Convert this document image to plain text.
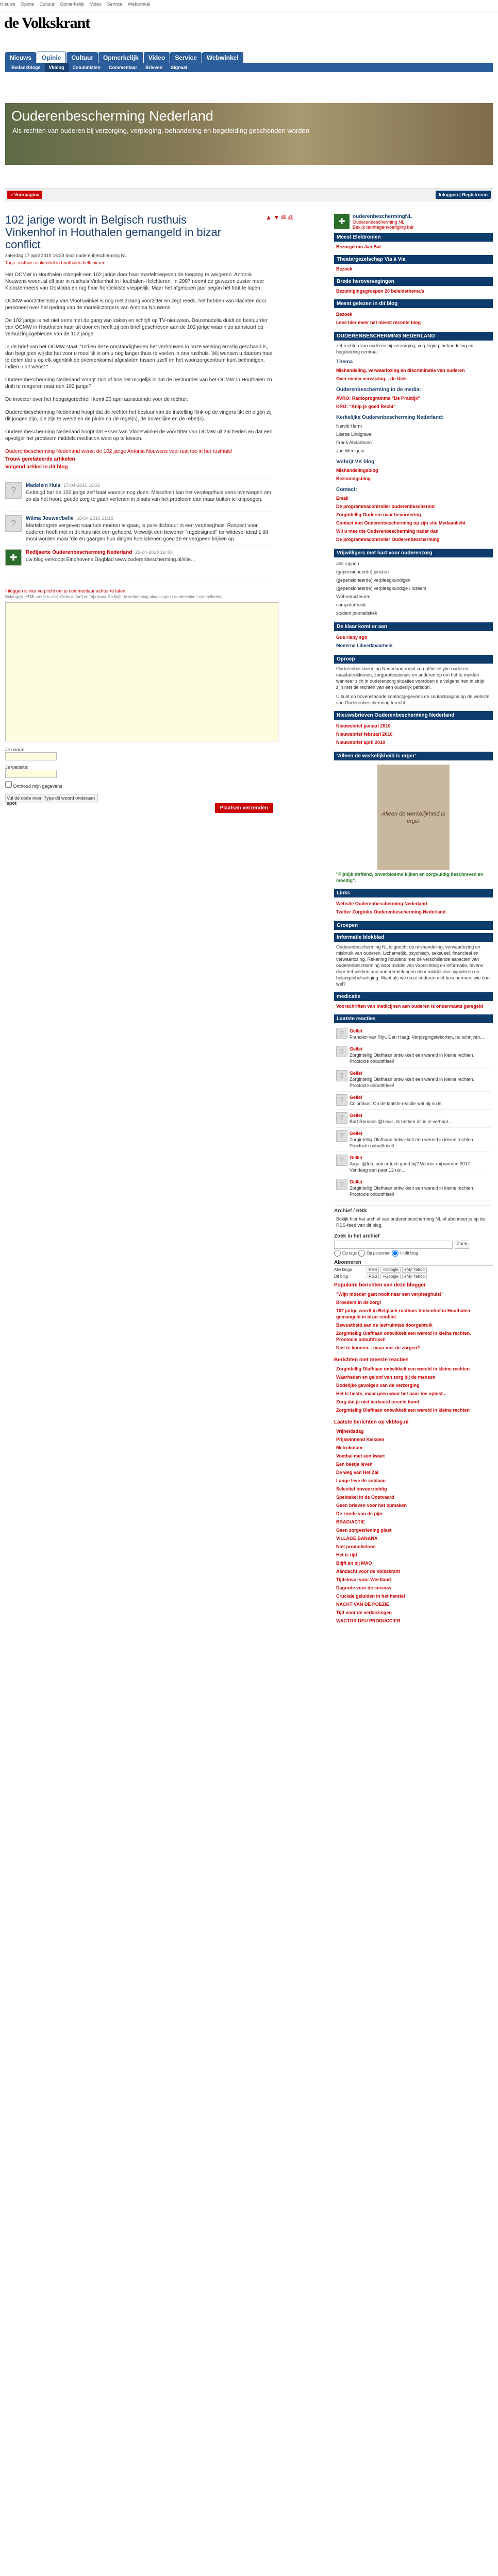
Nieuws Opinie Cultuur Opmerkelijk Video Service Webwinkel
de Volkskrant
Nieuws Opinie Cultuur Opmerkelijk Video Service Webwinkel
Bedankblogs Vkblog Columnisten Commentaar Brieven Signaal
Ouderenbescherming Nederland
Als rechten van ouderen bij verzorging, verpleging, behandeling en begeleiding geschonden worden
« Voorpagina	Inloggen | Registreren
▲ ▼ ✉ ⎙
102 jarige wordt in Belgisch rusthuis Vinkenhof in Houthalen gemangeld in bizar conflict
zaterdag 17 april 2010 16:33 door ouderenbescherming NL
Tags: rusthuis vinkenhof in houthalen beltchieren

Het OCMW in Houthalen mangelt een 102 jarige door haar marteltoegeven de toegang te weigeren. Antonia Nouwens woont al elf jaar in rusthuis Vinkenhof in Houthalen-Helchteren. In 2007 neemt de gewezen zuster meer Kloostermeers van Oostlaba en rug haar frontiekliste vreppelijk. Maar het afgelopen jaar begon het fout te lopen.

OCMW-voorzitter Eddy Van Vlootswinkel is nog met zolang voorzitter en zegt reeds, het hebben van klachten door personeel over het gedrag van de marteliczorgers van Antonia Nouwens.

De 102 jarige is het niet eens met de gang van zaken en schrijft op TV-nieuwsen. Dousmadelia duidt de bestuurder van OCMW in Houthalen haar uit door en heeft zij een brief geschreven aan de 102 jarige waarin zo aanstuurt op verhuizingsgebieden van de 102 jarige.

In de brief van het OCMW staat: "Indien deze omstandigheden het verhouwen in onze werking ernstig geschaad is, dan begrijpen wij dat het voor u moeilijk is om u nog langer thuis te voelen in ons rusthuis. Wij wensen u daarom mee te delen dat u op elk ogenblik de overeenkomst afgesloten tussen uzelf en het woonzorgcentrum kunt beëindigen, indien u dit wenst."

Ouderenbescherming Nederland vraagt zich af hoe het mogelijk is dat de bestuurder van het OCMW in Houthalen zo duift te reageren naar een 102 jarige?

De invecter over het hoogstgerechtelil komt 20 april aanstaande voor de rechter.

Ouderenbescherming Nederland hoopt dat de rechter het besluur van de instelling flink op de vingers tikt en eigen zij dit jongen zijn, die zijn te weerzien de pluim na de regel(s), de bovenlijke en de rebel(s).

Ouderenbescherming Nederland hoopt dat Esser Van Vlootswinkel de voorzitter van OCMW uit zal treden en dat een opvolger het probleem middels mediation weet op te lossen.

Ouderenbescherming Nederland wenst de 102 jarige Antonia Nouwens veel rust toe in het rusthuis!

Trouw gerelateerde artikelen

Volgend artikel in dit blog

?	Madelein Huls 17-04-2010 16:36
Gebalgd bar de 102 jarige zelf baat voorzijn nog doen. Misschien kan het verplegdhuis eens overwegen om, zo als het hoort, goede zorg te gaan verlenen in plaats van het probleem dan maar buiten te knipoogen.
?	Wilma Jouwer/belle 18-04-2010 21:15
Martelzorgers vergeven naar tuin moeten te gaan, is pure dictatuur in een verpleeghuis! Respect voor ouderen heeft met in dit huis niet een gehoord. Viewdijk een bewoner "rugdesigned" ter wildesel ideal 1 dit mooi worden maar 'die en gaargen hun dingen hoe lakenen goed ze er vergpeen krijken op.
✚	Redljaerte Ouderenbescherming Nederland 29-04-2010 16:48
uw blog verkoopt Eindhovens Dagblad www.ouderenbescherming.nl/site...
Inloggen is niet verplicht om je commentaar achter te laten.
Belangrijk HTML-code is niet. Gebruik [url] en [b] nieuw. Zo blijft de verkenning plaatsingen / aanbevolen / controlkering
Je naam:
Je website:
Onthoud mijn gegevens
Vul de code over: Type dit woord onderaan spot
Plaatsen verzenden
✚
ouderenbeschermingNL
Ouderenbescherming NL
Bekijk tenhtegenvoeriging bar
Meest Elektronien
Bezorgd om Jan Bal
Theatergezelschap Via à Via
Bezoek
Brede herovervegingen
Bezuinigingsgroepen 20 beleidsthema's
Meest gelezen in dit blog
Bezoek
Lees hier meer het meest recente blog
OUDERENBESCHERMING NEDERLAND
zet rechten van ouderen bij verzorging, verpleging, behandeling en begeleiding centraal.
Thema
Mishandeling, verwaarlozing en discriminatie van ouderen
Over media verwijzing... de Ulek
Ouderenbescherming in de media:
AVRO: Radioprogramma "De Praktijk"
KRO: "Knip je goed Recht"
Kerkelijke Ouderenbescherming Nederland:
Nerviti Harm
Lisette Lindgravel
Frank Abdarbunn
Jan Werligem
Volbrijt VK blog
Mishandelingsblog
Bezinningsblog
Contact:
Email
De programmacontroller ouderenbeschermd
Zorgintellig Ouderen naar bevordering
Contact met Ouderenbescherming op zijn site Medaanlicht
Wil u mee die Ouderenbescherming nader dan
De programmacontroller Ouderenbescherming
Vrijwilligers met hart voor ouderenzorg
alle rappen
(gepensioneerde) juristen
(gepensioneerde) verpleegkundigen
(gepensioneerde) verpleegkundige / lossers
Webredacteuren
computerfreak
student journalistiek
De klaar komt er aan
Gus Hany ego
Moderne Libeerkbaarheid
Oproep
Ouderenbescherming Nederland roept zorgaffiniteitiyke ouderen, naasbetrokkenen, zorgprofessionals en anderen op om het te melden wanneer zich in ouderenzorg situaties voordoen die volgens hen in strijd zijn met de rechten van een ouderlijk persoon.
U kunt op bovenstaande contactgegevens de contactpagina op de website van Ouderenbescherming terecht.
Nieuwsbrieven Ouderenbescherming Nederland
Nieuwsbrief januari 2010
Nieuwsbrief februari 2010
Nieuwsbrief april 2010
'Alleen de werkelijkheid is erger'
Alleen de werkelijkheid is erger
"Pijnlijk treffend, onverbloemd kijken en zorgvuldig beschreven en moedig".
Links
Website Ouderenbescherming Nederland
Twitter Zorgtoko Ouderenbescherming Nederland
Groepen
Informatie blokblad
Ouderenbescherming NL is gericht op mishandeling, verwaarlozing en misbruik van ouderen. Lichamelijk, psychisch, seksueel, financieel en verwaarlozing. Rekening houdend met de verschillende aspecten van ouderenbescherming door middel van voorlichting en informatie, tevens door het werken aan ouderenbelangen door middel van signaleren en belangenbehartiging. Want als we onze ouderen niet beschermen, wie dan wel?
medicatie
Voorschriften van medicijnen aan ouderen is ondermaats geregeld
Laatste reacties
?	Gellei
Francien van Rijn, Den Haag: Verplegingstekorten, nu schrijven...
?	Gellei
Zorgintellig Olafhaan ontwikkelt een wereld in kleine rechten. Proctocle onbuttfrisei!
?	Gellei
Zorgintellig Olafhaan ontwikkelt een wereld in kleine rechten. Proctocle onbuttfrisei!
?	Gellei
Columbus: On de laatste reactie wat hij nu is.
?	Gellei
Bart Romans @Louis, Ik herken dit in je verhaal...
?	Gellei
Zorgintellig Olafhaan ontwikkelt een wereld in kleine rechten. Proctocle onbuttfrisei!
?	Gellei
Arge: @Iob, ook er toch goed bij? Wieder mij worden 2017. Vandaag een paar 12 uur...
?	Gellei
Zorgintellig Olafhaan ontwikkelt een wereld in kleine rechten. Proctocle onbuttfrisei!
Archief / RSS
Bekijk hier het archief van ouderenbescherming NL of abonneer je op de RSS-feed van dit blog.
Zoek in het archief
Zoek
Op tags Op personen In dit blog
Abonneren
Alle blogs	RSS	+Google	+My Yahoo
Dit blog	RSS	+Google	+My Yahoo
Populaire berichten van deze blogger
"Wijn moeder gaat nooit naar een verpleeghuis!"
Broeders in de zorg!
102 jarige wordt in Belgisch rusthuis Vinkenhof in Houthalen gemangeld in bizar conflict
Bewustheid aan de leefruimtes doorgebruik
Zorgintellig Olafhaan ontwikkelt een wereld in kleine rechten. Proctocle onbuttfrisei!
Niet te kunnen... maar met de zorgen?
Berichten met meeste reacties
Zorgintellig Olafhaan ontwikkelt een wereld in kleine rechten
Waarheden en geloof van zorg bij de mensen
Dodelijke gevolgen van de verzorging
Het is beste, maar geen waar het naar toe oplost...
Zorg dat je niet verkeerd terecht komt
Zorgintellig Olafhaan ontwikkelt een wereld in kleine rechten
Laatste berichten op vkblog.nl
Vrijheidsdag
Prijswinnend Kalkoen
Metrokolum
Voetbal met een kwart
Een beetje leven
De weg van Het Zal
Lange leve de voldaan
Selectief onvoorzichtig
Spektakel in de Oostvaard
Geen brieven voor het opmaken
De zonde van de pijn
BRAG/ACTIE
Geen zorgverlening plast
VILLAGE BANANA
Niet promotieloos
Het is tijd
Blijft en bij MAO
Aandacht voor de Volkskrant
Tijdsinvul voor Westland
Dagorde voor de sneeuw
Cruciale geluiden in het herstel
NACHT VAN DE POEZIE
Tijd voor de verkiezingen
WACTOR DEU PRODUCCIER
